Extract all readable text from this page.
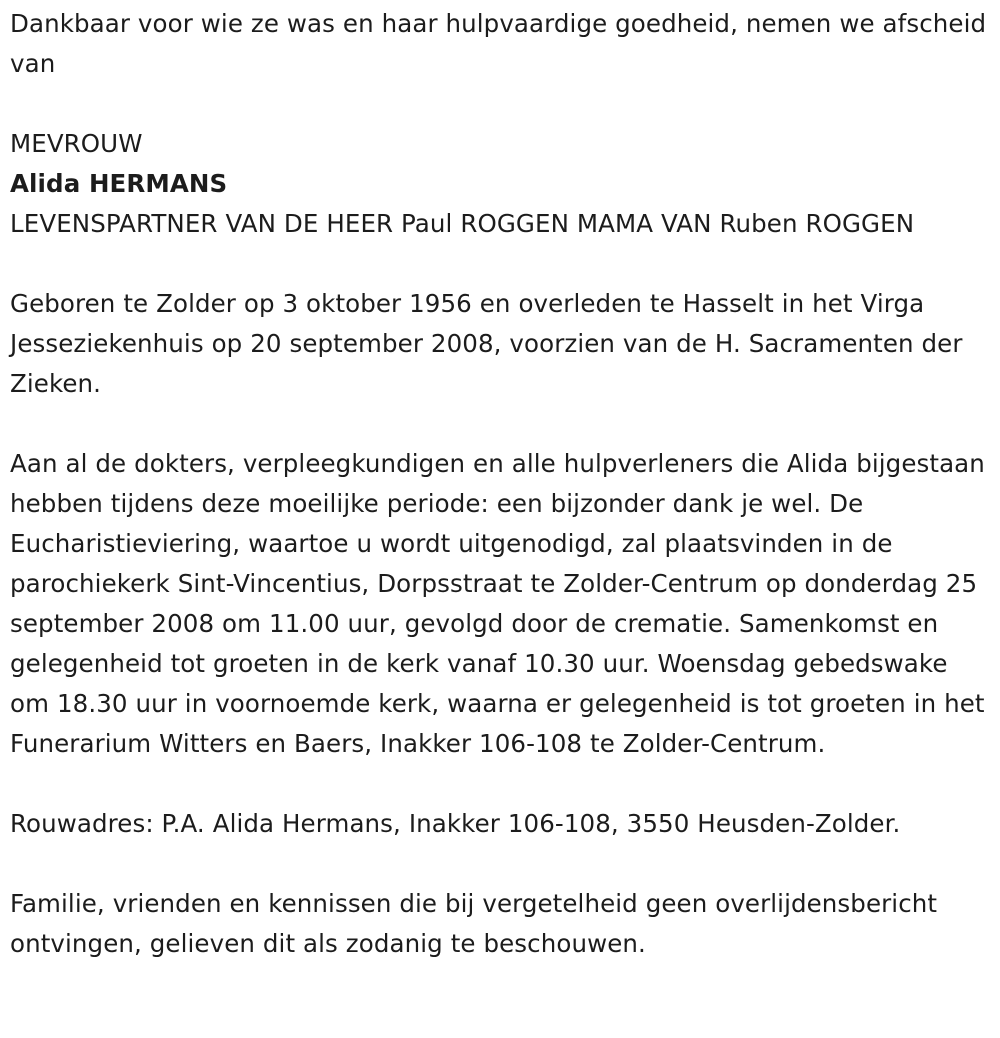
Dankbaar voor wie ze was en haar hulpvaardige goedheid, nemen we afscheid van

MEVROUW

Alida HERMANS

LEVENSPARTNER VAN DE HEER Paul ROGGEN MAMA VAN Ruben ROGGEN

Geboren te Zolder op 3 oktober 1956 en overleden te Hasselt in het Virga Jesseziekenhuis op 20 september 2008, voorzien van de H. Sacramenten der Zieken.

Aan al de dokters, verpleegkundigen en alle hulpverleners die Alida bijgestaan hebben tijdens deze moeilijke periode: een bijzonder dank je wel. De Eucharistieviering, waartoe u wordt uitgenodigd, zal plaatsvinden in de parochiekerk Sint-Vincentius, Dorpsstraat te Zolder-Centrum op donderdag 25 september 2008 om 11.00 uur, gevolgd door de crematie. Samenkomst en gelegenheid tot groeten in de kerk vanaf 10.30 uur. Woensdag gebedswake om 18.30 uur in voornoemde kerk, waarna er gelegenheid is tot groeten in het Funerarium Witters en Baers, Inakker 106-108 te Zolder-Centrum.

Rouwadres: P.A. Alida Hermans, Inakker 106-108, 3550 Heusden-Zolder.

Familie, vrienden en kennissen die bij vergetelheid geen overlijdensbericht ontvingen, gelieven dit als zodanig te beschouwen.
